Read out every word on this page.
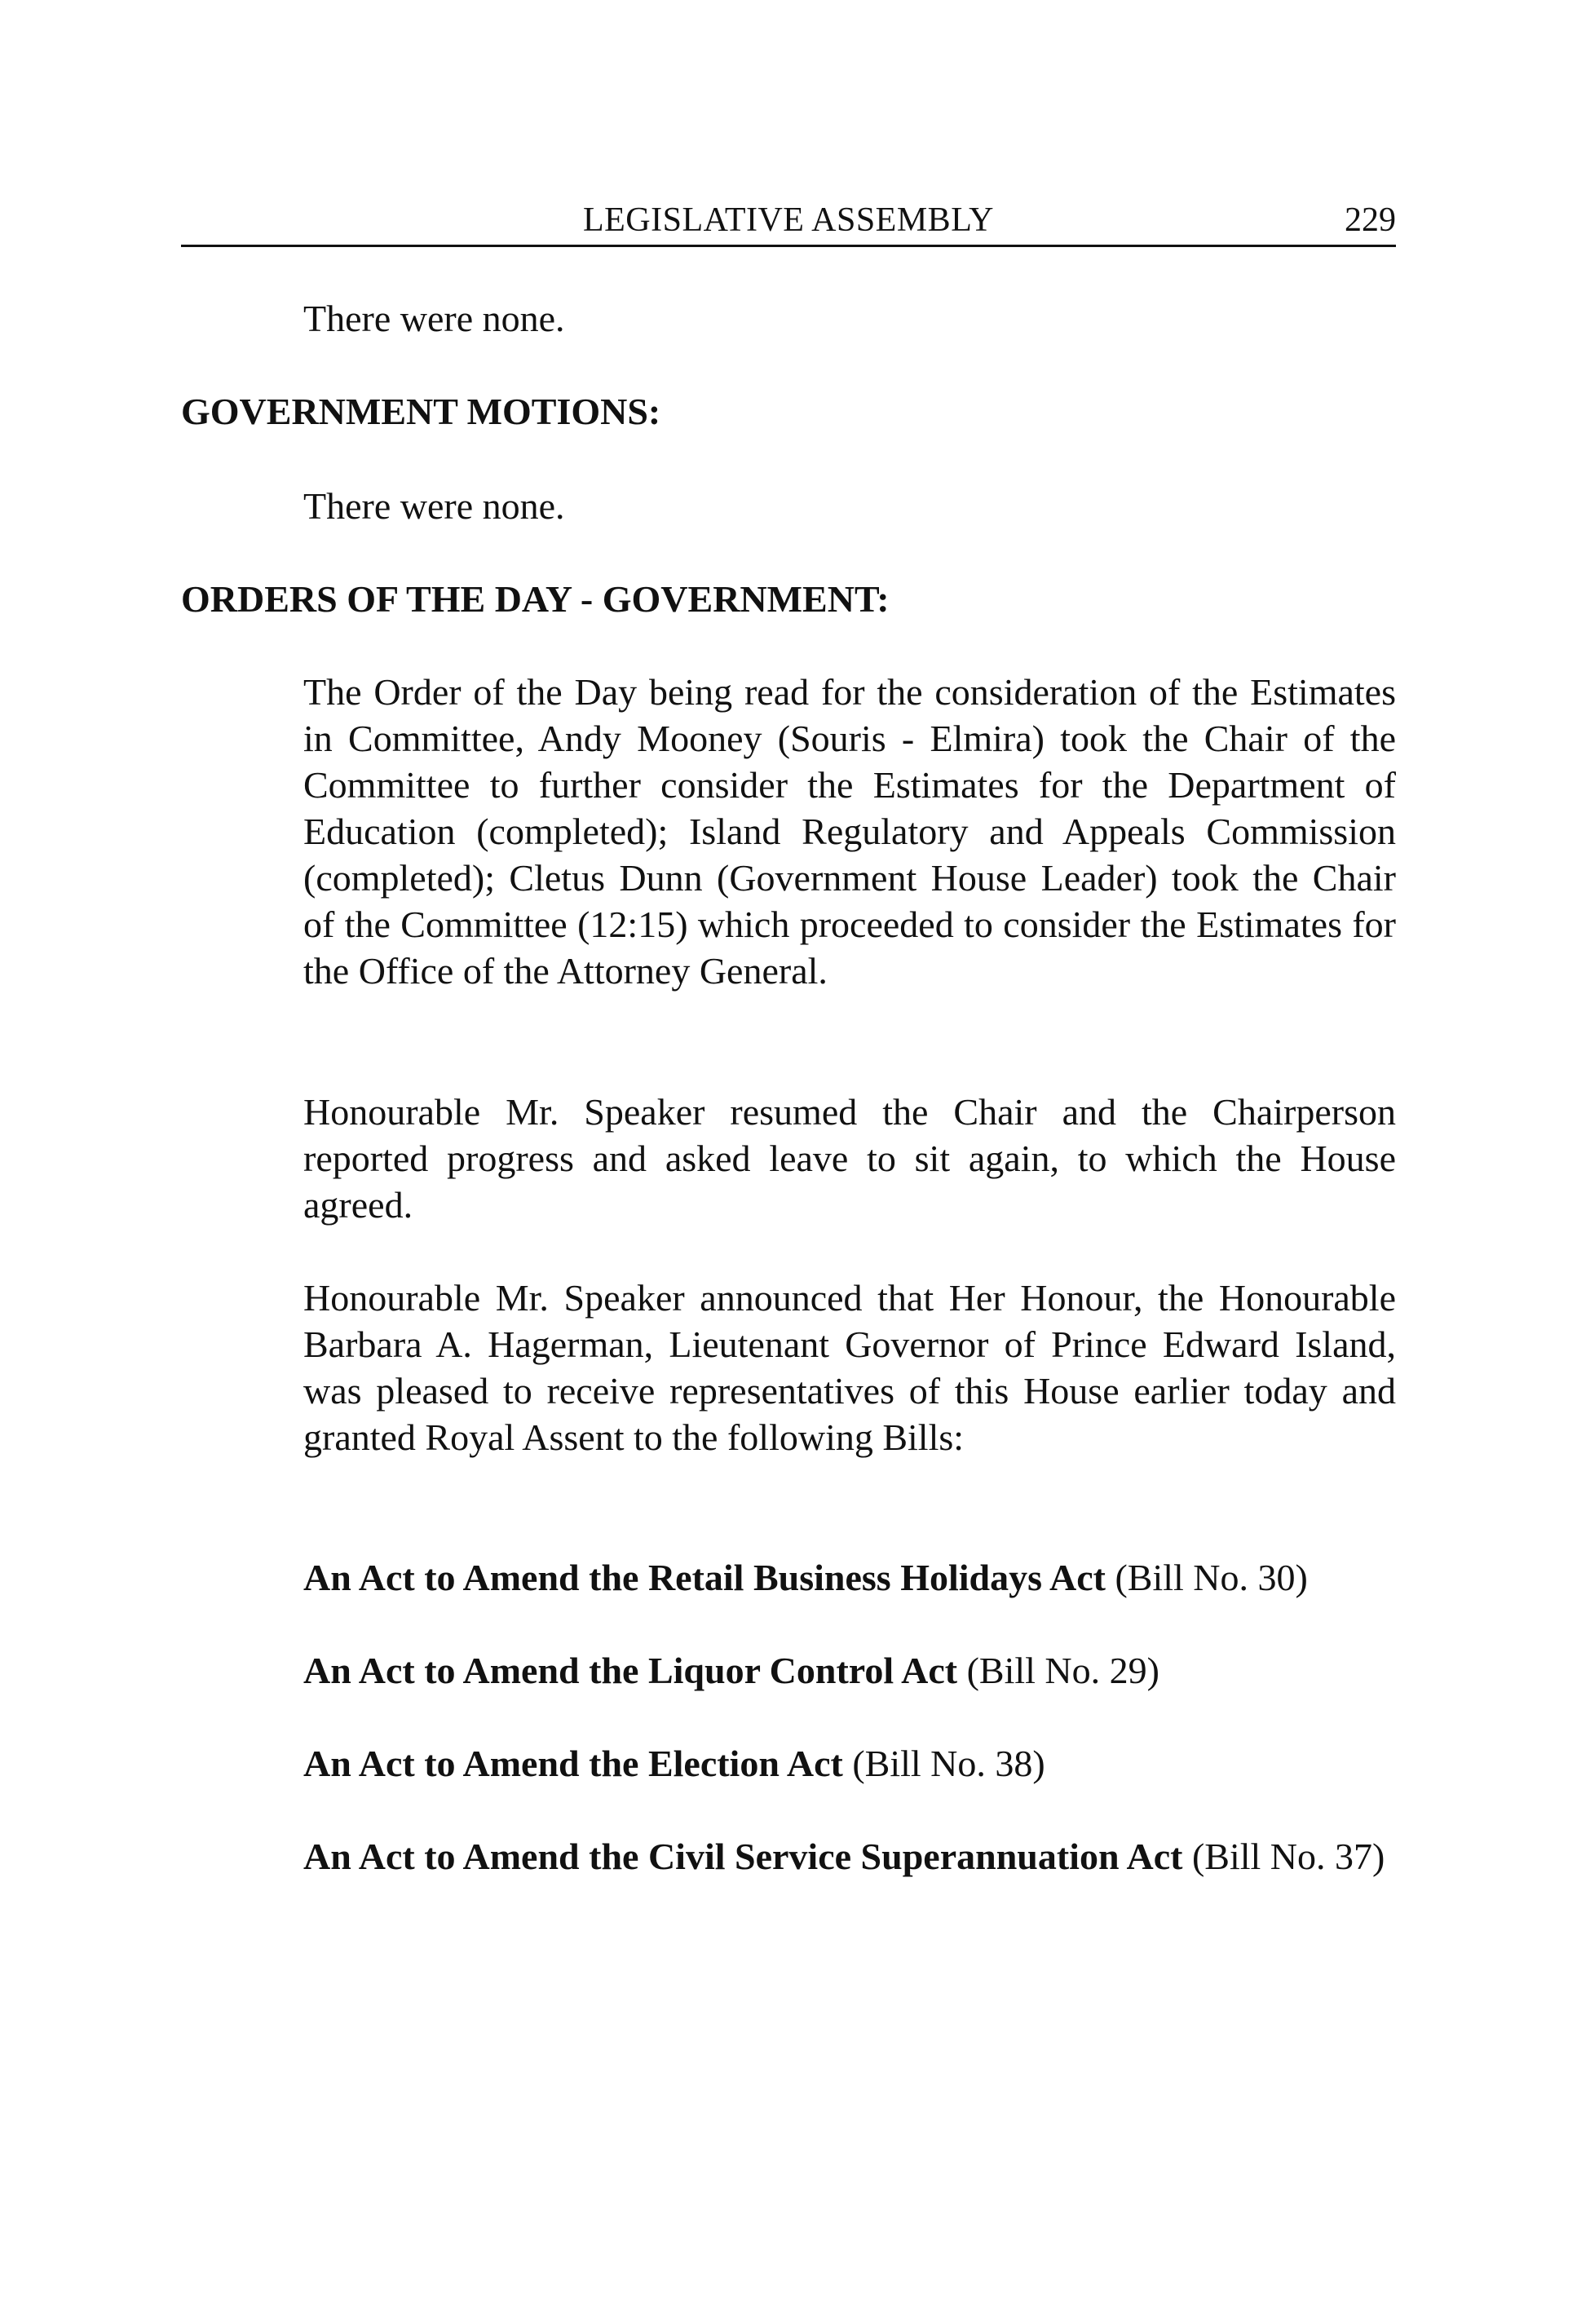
LEGISLATIVE ASSEMBLY	229

There were none.

GOVERNMENT MOTIONS:

There were none.

ORDERS OF THE DAY - GOVERNMENT:

The Order of the Day being read for the consideration of the Estimates in Committee, Andy Mooney (Souris - Elmira) took the Chair of the Committee to further consider the Estimates for the Department of Education (completed); Island Regulatory and Appeals Commission (completed); Cletus Dunn (Government House Leader) took the Chair of the Committee (12:15) which proceeded to consider the Estimates for the Office of the Attorney General.

Honourable Mr. Speaker resumed the Chair and the Chairperson reported progress and asked leave to sit again, to which the House agreed.

Honourable Mr. Speaker announced that Her Honour, the Honourable Barbara A. Hagerman, Lieutenant Governor of Prince Edward Island, was pleased to receive representatives of this House earlier today and granted Royal Assent to the following Bills:

An Act to Amend the Retail Business Holidays Act (Bill No. 30)

An Act to Amend the Liquor Control Act (Bill No. 29)

An Act to Amend the Election Act (Bill No. 38)

An Act to Amend the Civil Service Superannuation Act (Bill No. 37)
